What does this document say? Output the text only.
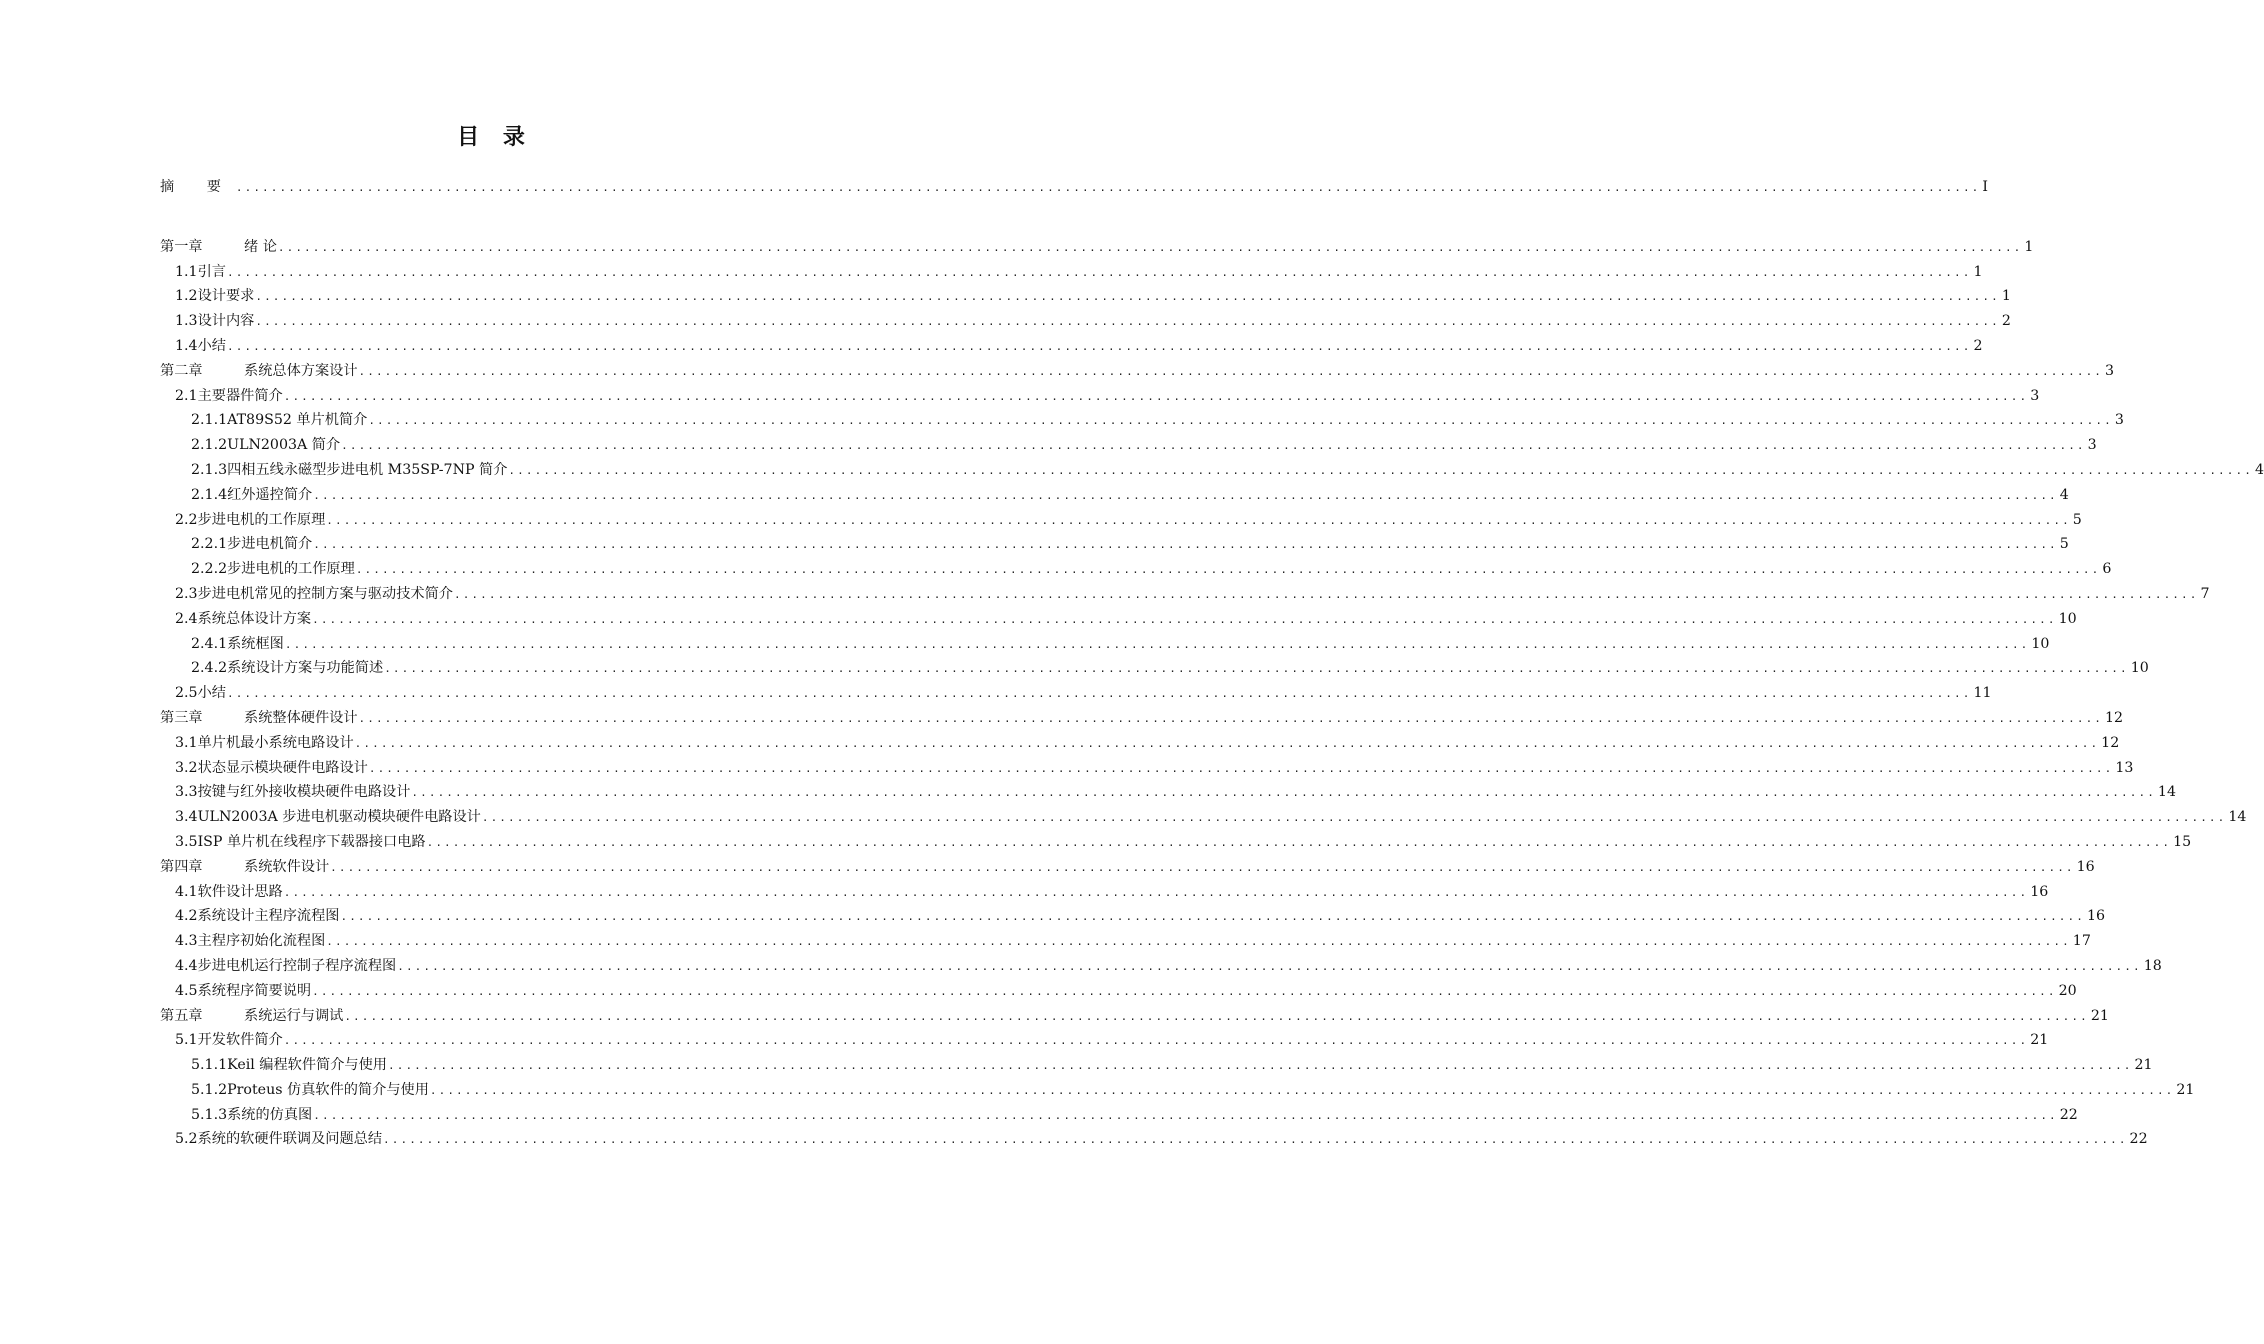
目 录
摘 要 ........................................................................................................................................................................................................ I
第一章	绪 论 ........................................................................................................................................................................................................ 1
1.1 引言 ........................................................................................................................................................................................................ 1
1.2 设计要求 ........................................................................................................................................................................................................ 1
1.3 设计内容 ........................................................................................................................................................................................................ 2
1.4 小结 ........................................................................................................................................................................................................ 2
第二章	系统总体方案设计 ........................................................................................................................................................................................................ 3
2.1 主要器件简介 ........................................................................................................................................................................................................ 3
2.1.1 AT89S52 单片机简介 ........................................................................................................................................................................................................ 3
2.1.2 ULN2003A 简介 ........................................................................................................................................................................................................ 3
2.1.3 四相五线永磁型步进电机 M35SP-7NP 简介 ........................................................................................................................................................................................................ 4
2.1.4 红外遥控简介 ........................................................................................................................................................................................................ 4
2.2 步进电机的工作原理 ........................................................................................................................................................................................................ 5
2.2.1 步进电机简介 ........................................................................................................................................................................................................ 5
2.2.2 步进电机的工作原理 ........................................................................................................................................................................................................ 6
2.3 步进电机常见的控制方案与驱动技术简介 ........................................................................................................................................................................................................ 7
2.4 系统总体设计方案 ........................................................................................................................................................................................................ 10
2.4.1 系统框图 ........................................................................................................................................................................................................ 10
2.4.2 系统设计方案与功能简述 ........................................................................................................................................................................................................ 10
2.5 小结 ........................................................................................................................................................................................................ 11
第三章	系统整体硬件设计 ........................................................................................................................................................................................................ 12
3.1 单片机最小系统电路设计 ........................................................................................................................................................................................................ 12
3.2 状态显示模块硬件电路设计 ........................................................................................................................................................................................................ 13
3.3 按键与红外接收模块硬件电路设计 ........................................................................................................................................................................................................ 14
3.4 ULN2003A 步进电机驱动模块硬件电路设计 ........................................................................................................................................................................................................ 14
3.5 ISP 单片机在线程序下载器接口电路 ........................................................................................................................................................................................................ 15
第四章	系统软件设计 ........................................................................................................................................................................................................ 16
4.1 软件设计思路 ........................................................................................................................................................................................................ 16
4.2 系统设计主程序流程图 ........................................................................................................................................................................................................ 16
4.3 主程序初始化流程图 ........................................................................................................................................................................................................ 17
4.4 步进电机运行控制子程序流程图 ........................................................................................................................................................................................................ 18
4.5 系统程序简要说明 ........................................................................................................................................................................................................ 20
第五章	系统运行与调试 ........................................................................................................................................................................................................ 21
5.1 开发软件简介 ........................................................................................................................................................................................................ 21
5.1.1 Keil 编程软件简介与使用 ........................................................................................................................................................................................................ 21
5.1.2 Proteus 仿真软件的简介与使用 ........................................................................................................................................................................................................ 21
5.1.3 系统的仿真图 ........................................................................................................................................................................................................ 22
5.2 系统的软硬件联调及问题总结 ........................................................................................................................................................................................................ 22
